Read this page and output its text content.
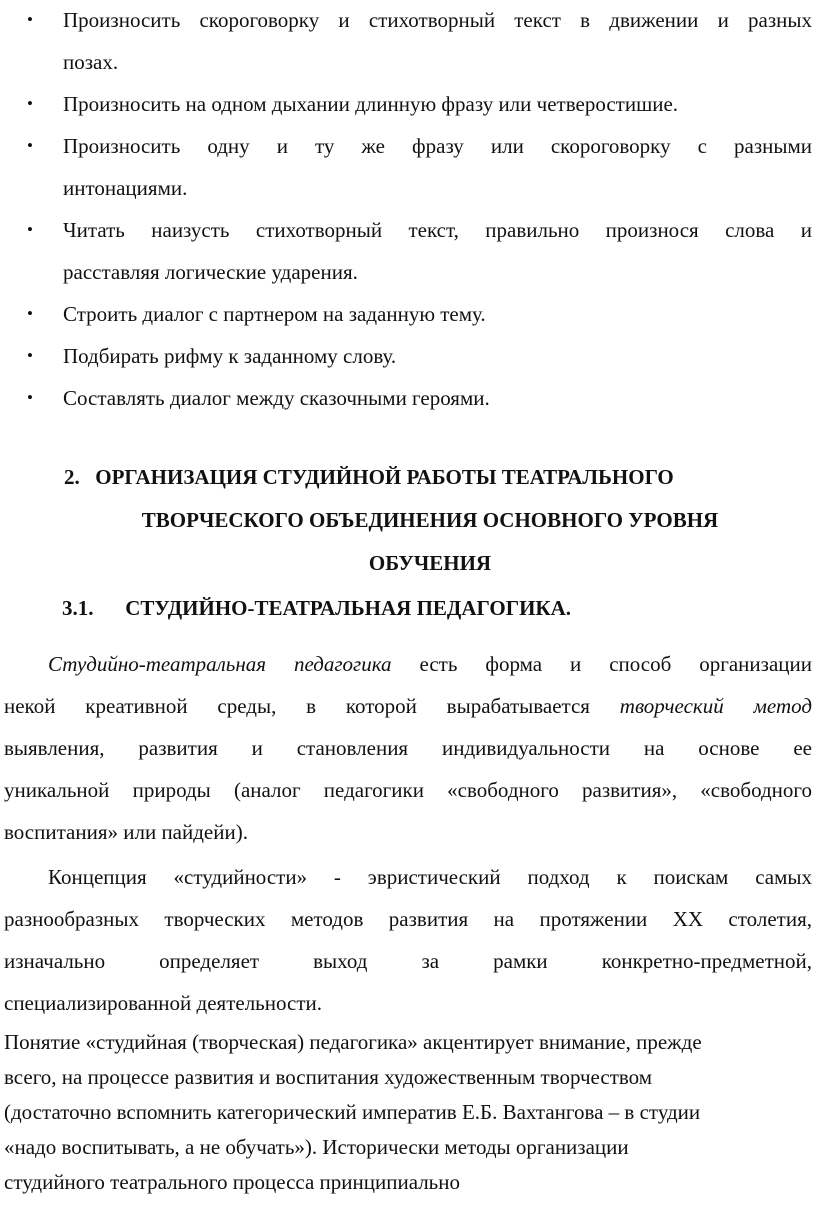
• Произносить скороговорку и стихотворный текст в движении и разных
позах.
• Произносить на одном дыхании длинную фразу или четверостишие.
• Произносить одну и ту же фразу или скороговорку с разными
интонациями.
• Читать наизусть стихотворный текст, правильно произнося слова и
расставляя логические ударения.
• Строить диалог с партнером на заданную тему.
• Подбирать рифму к заданному слову.
• Составлять диалог между сказочными героями.
2. ОРГАНИЗАЦИЯ СТУДИЙНОЙ РАБОТЫ ТЕАТРАЛЬНОГО
ТВОРЧЕСКОГО ОБЪЕДИНЕНИЯ ОСНОВНОГО УРОВНЯ
ОБУЧЕНИЯ
3.1. СТУДИЙНО-ТЕАТРАЛЬНАЯ ПЕДАГОГИКА.
Студийно-театральная педагогика есть форма и способ организации
некой креативной среды, в которой вырабатывается творческий метод
выявления, развития и становления индивидуальности на основе ее
уникальной природы (аналог педагогики «свободного развития», «свободного
воспитания» или пайдейи).
Концепция «студийности» - эвристический подход к поискам самых
разнообразных творческих методов развития на протяжении XX столетия,
изначально определяет выход за рамки конкретно-предметной,
специализированной деятельности.
Понятие «студийная (творческая) педагогика» акцентирует внимание, прежде
всего, на процессе развития и воспитания художественным творчеством
(достаточно вспомнить категорический императив Е.Б. Вахтангова – в студии
«надо воспитывать, а не обучать»). Исторически методы организации
студийного театрального процесса принципиально
